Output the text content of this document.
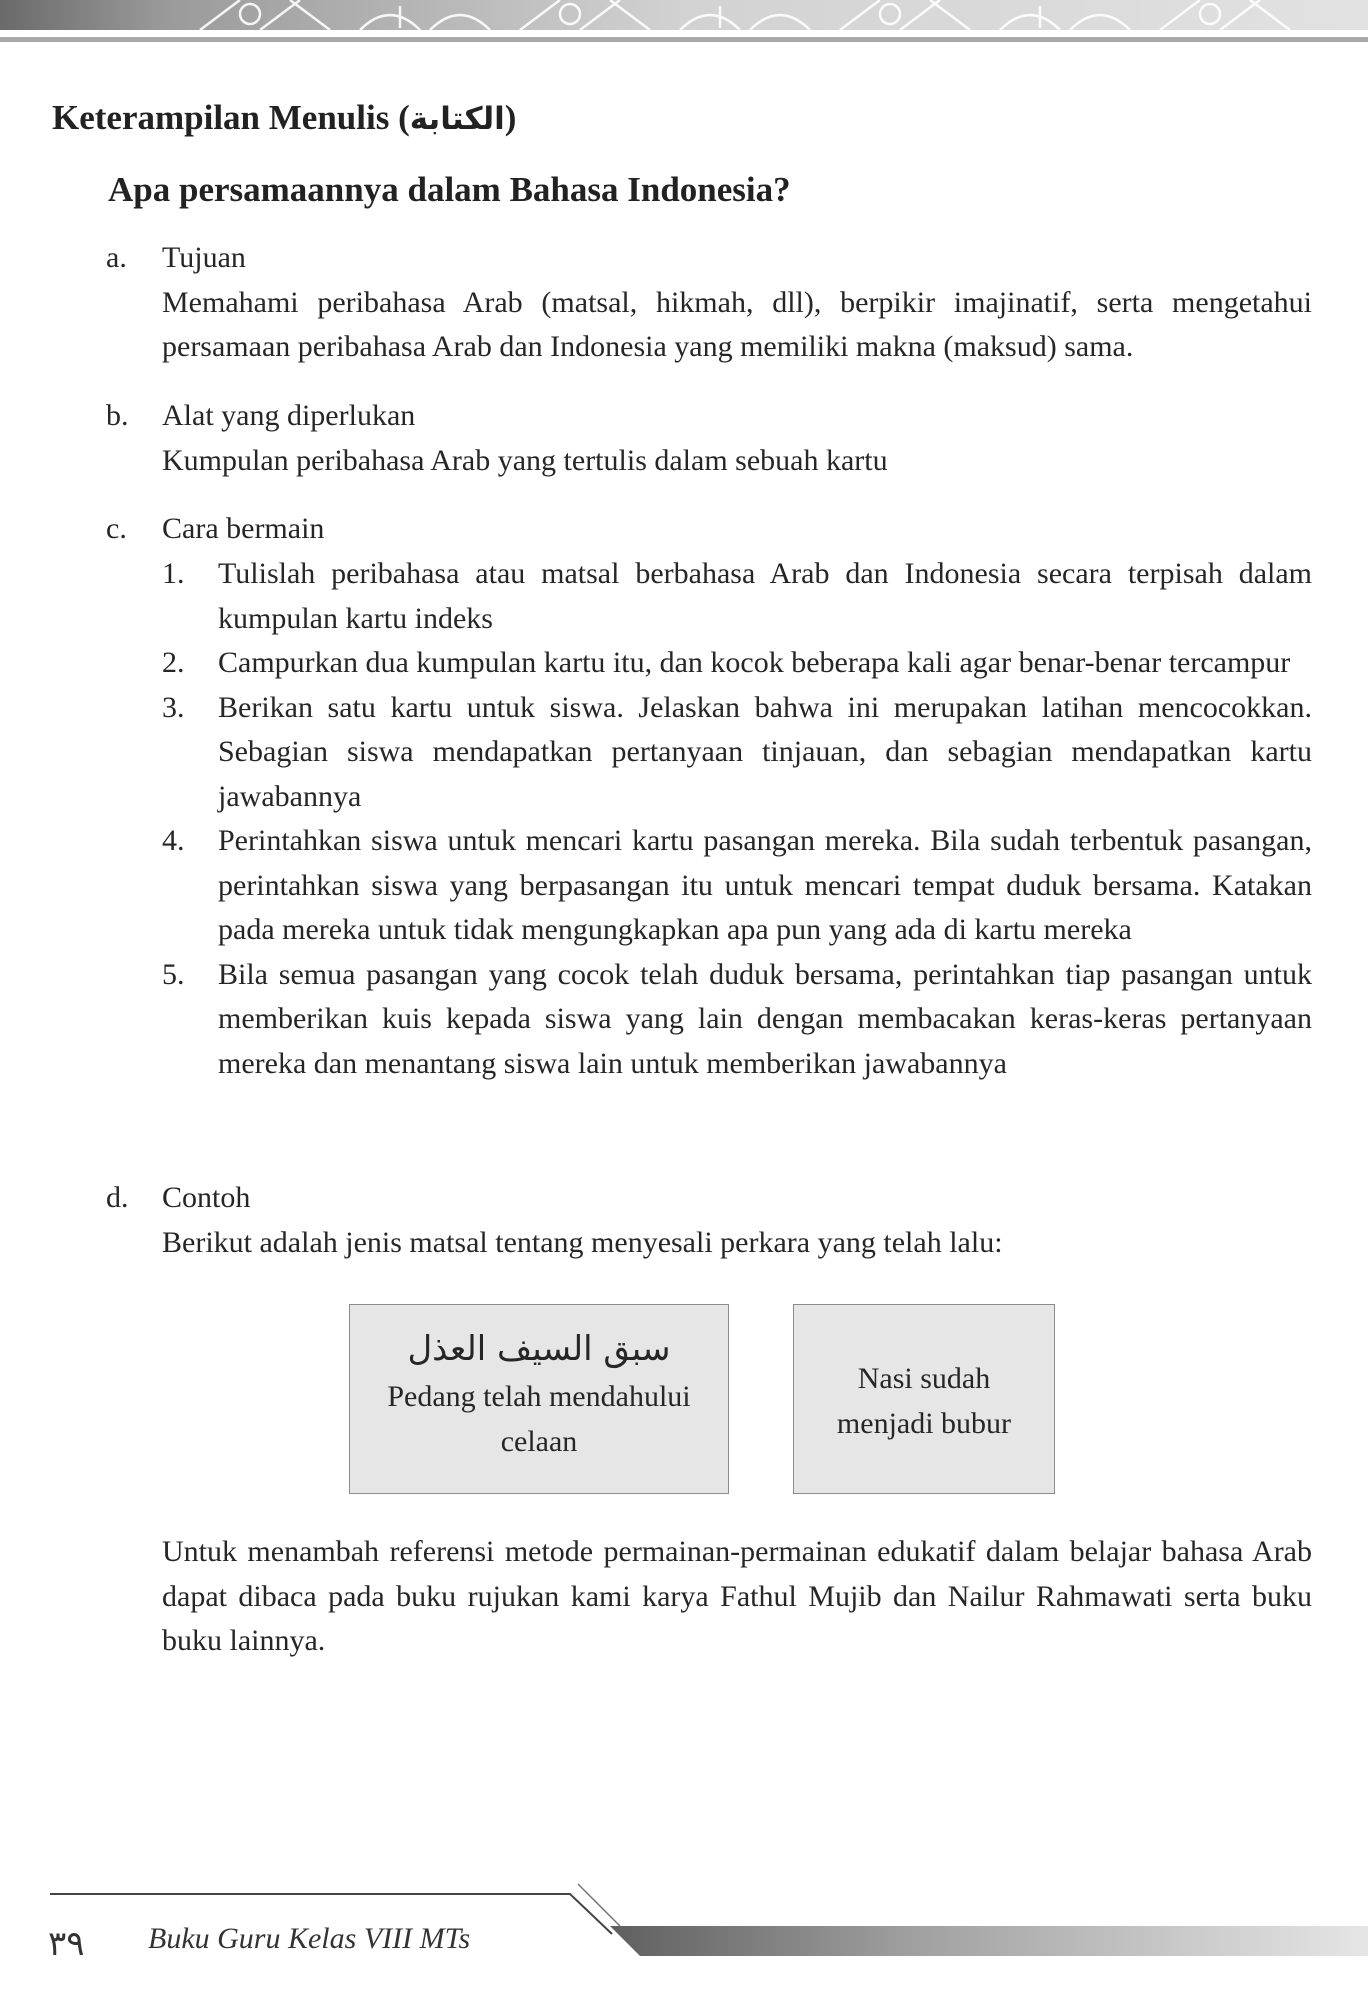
Keterampilan Menulis (الكتابة)
Apa persamaannya dalam Bahasa Indonesia?
a.	Tujuan
Memahami peribahasa Arab (matsal, hikmah, dll), berpikir imajinatif, serta mengetahui persamaan peribahasa Arab dan Indonesia yang memiliki makna (maksud) sama.
b.	Alat yang diperlukan
Kumpulan peribahasa Arab yang tertulis dalam sebuah kartu
c.	Cara bermain
1.	Tulislah peribahasa atau matsal berbahasa Arab dan Indonesia secara terpisah dalam kumpulan kartu indeks
2.	Campurkan dua kumpulan kartu itu, dan kocok beberapa kali agar benar-benar tercampur
3.	Berikan satu kartu untuk siswa. Jelaskan bahwa ini merupakan latihan mencocokkan. Sebagian siswa mendapatkan pertanyaan tinjauan, dan sebagian mendapatkan kartu jawabannya
4.	Perintahkan siswa untuk mencari kartu pasangan mereka. Bila sudah terbentuk pasangan, perintahkan siswa yang berpasangan itu untuk mencari tempat duduk bersama. Katakan pada mereka untuk tidak mengungkapkan apa pun yang ada di kartu mereka
5.	Bila semua pasangan yang cocok telah duduk bersama, perintahkan tiap pasangan untuk memberikan kuis kepada siswa yang lain dengan membacakan keras-keras pertanyaan mereka dan menantang siswa lain untuk memberikan jawabannya
d.	Contoh
Berikut adalah jenis matsal tentang menyesali perkara yang telah lalu:
سبق السيف العذل
Pedang telah mendahului
celaan
Nasi sudah
menjadi bubur
Untuk menambah referensi metode permainan-permainan edukatif dalam belajar bahasa Arab dapat dibaca pada buku rujukan kami karya Fathul Mujib dan Nailur Rahmawati serta buku buku lainnya.
٣٩ Buku Guru Kelas VIII MTs
